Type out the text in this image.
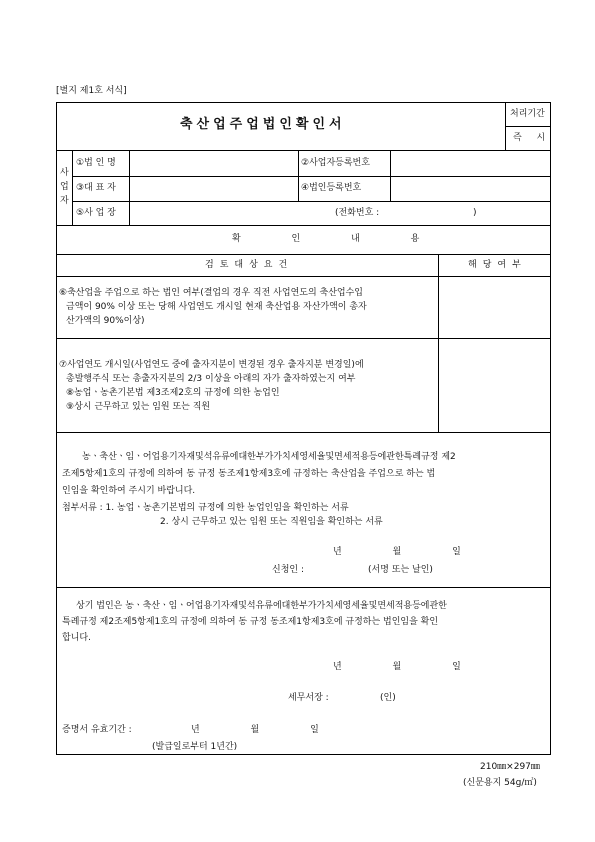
[별지 제1호 서식]
축산업주업법인확인서
처리기간
즉 시
사
업
자
①법 인 명	②사업자등록번호
③대 표 자	④법인등록번호
⑤사 업 장	(전화번호 :	)
확 인 내 용
검토대상요건	해당여부
⑥축산업을 주업으로 하는 법인 여부(결업의 경우 직전 사업연도의 축산업수입
금액이 90% 이상 또는 당해 사업연도 개시일 현재 축산업용 자산가액이 총자
산가액의 90%이상)
⑦사업연도 개시일(사업연도 중에 출자지분이 변경된 경우 출자지분 변경일)에
총발행주식 또는 총출자지분의 2/3 이상을 아래의 자가 출자하였는지 여부
⑧농업ㆍ농촌기본법 제3조제2호의 규정에 의한 농업인
⑨상시 근무하고 있는 임원 또는 직원
농ㆍ축산ㆍ임ㆍ어업용기자재및석유류에대한부가가치세영세율및면세적용등에관한특례규정 제2
조제5항제1호의 규정에 의하여 동 규정 동조제1항제3호에 규정하는 축산업을 주업으로 하는 법
인임을 확인하여 주시기 바랍니다.
첨부서류 : 1. 농업ㆍ농촌기본법의 규정에 의한 농업인임을 확인하는 서류
2. 상시 근무하고 있는 임원 또는 직원임을 확인하는 서류
년 월 일
신청인 :	(서명 또는 날인)
상기 법인은 농ㆍ축산ㆍ임ㆍ어업용기자재및석유류에대한부가가치세영세율및면세적용등에관한
특례규정 제2조제5항제1호의 규정에 의하여 동 규정 동조제1항제3호에 규정하는 법인임을 확인
합니다.
년 월 일
세무서장 :	(인)
증명서 유효기간 :	년 월 일
(발급일로부터 1년간)
210㎜×297㎜
(신문용지 54g/㎡)
